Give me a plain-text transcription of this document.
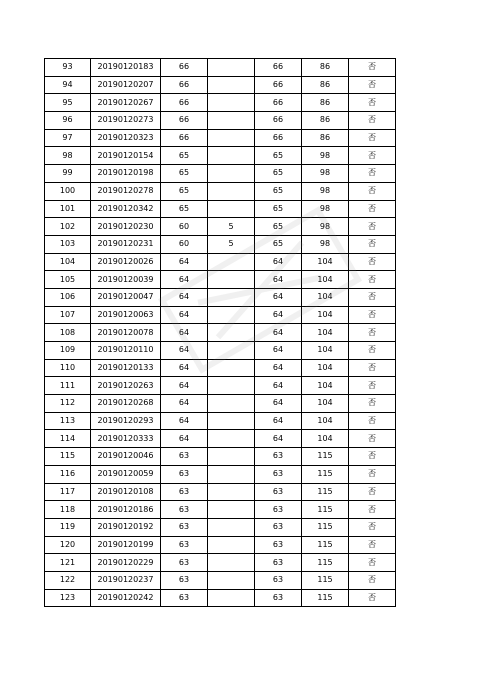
93	20190120183	66		66	86	否
94	20190120207	66		66	86	否
95	20190120267	66		66	86	否
96	20190120273	66		66	86	否
97	20190120323	66		66	86	否
98	20190120154	65		65	98	否
99	20190120198	65		65	98	否
100	20190120278	65		65	98	否
101	20190120342	65		65	98	否
102	20190120230	60	5	65	98	否
103	20190120231	60	5	65	98	否
104	20190120026	64		64	104	否
105	20190120039	64		64	104	否
106	20190120047	64		64	104	否
107	20190120063	64		64	104	否
108	20190120078	64		64	104	否
109	20190120110	64		64	104	否
110	20190120133	64		64	104	否
111	20190120263	64		64	104	否
112	20190120268	64		64	104	否
113	20190120293	64		64	104	否
114	20190120333	64		64	104	否
115	20190120046	63		63	115	否
116	20190120059	63		63	115	否
117	20190120108	63		63	115	否
118	20190120186	63		63	115	否
119	20190120192	63		63	115	否
120	20190120199	63		63	115	否
121	20190120229	63		63	115	否
122	20190120237	63		63	115	否
123	20190120242	63		63	115	否
